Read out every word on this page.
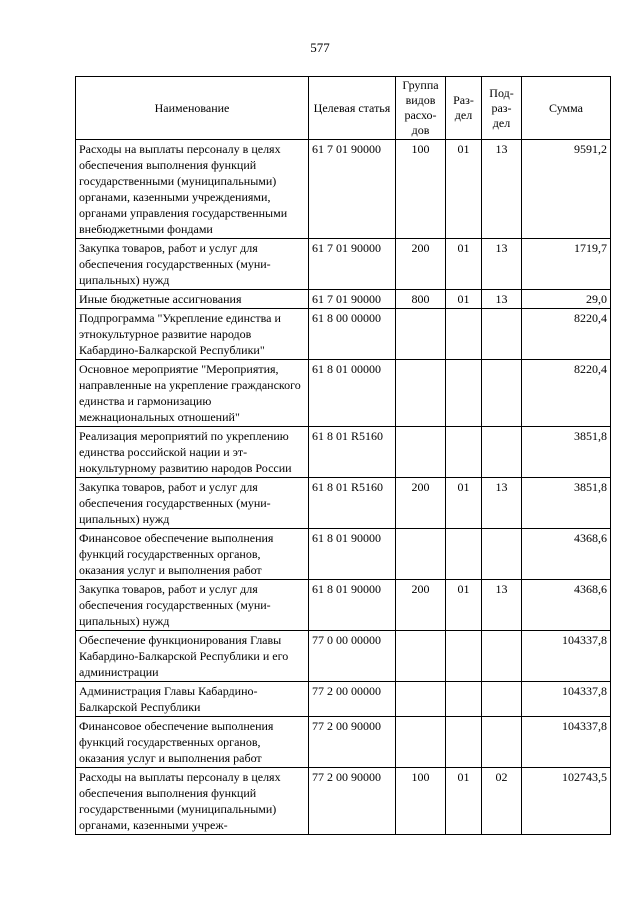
577
Наименование	Целевая статья	Группа видов расхо-дов	Раз-дел	Под-раз-дел	Сумма
Расходы на выплаты персоналу в целях обеспечения выполнения функций государственными (муниципальными) органами, казенными учреждениями, органами управления государственными внебюджетными фондами	61 7 01 90000	100	01	13	9591,2
Закупка товаров, работ и услуг для обеспечения государственных (муниципальных) нужд	61 7 01 90000	200	01	13	1719,7
Иные бюджетные ассигнования	61 7 01 90000	800	01	13	29,0
Подпрограмма "Укрепление единства и этнокультурное развитие народов Кабардино-Балкарской Республики"	61 8 00 00000				8220,4
Основное мероприятие "Мероприятия, направленные на укрепление гражданского единства и гармонизацию межнациональных отношений"	61 8 01 00000				8220,4
Реализация мероприятий по укреплению единства российской нации и этнокультурному развитию народов России	61 8 01 R5160				3851,8
Закупка товаров, работ и услуг для обеспечения государственных (муниципальных) нужд	61 8 01 R5160	200	01	13	3851,8
Финансовое обеспечение выполнения функций государственных органов, оказания услуг и выполнения работ	61 8 01 90000				4368,6
Закупка товаров, работ и услуг для обеспечения государственных (муниципальных) нужд	61 8 01 90000	200	01	13	4368,6
Обеспечение функционирования Главы Кабардино-Балкарской Республики и его администрации	77 0 00 00000				104337,8
Администрация Главы Кабардино-Балкарской Республики	77 2 00 00000				104337,8
Финансовое обеспечение выполнения функций государственных органов, оказания услуг и выполнения работ	77 2 00 90000				104337,8
Расходы на выплаты персоналу в целях обеспечения выполнения функций государственными (муниципальными) органами, казенными учреж-	77 2 00 90000	100	01	02	102743,5
